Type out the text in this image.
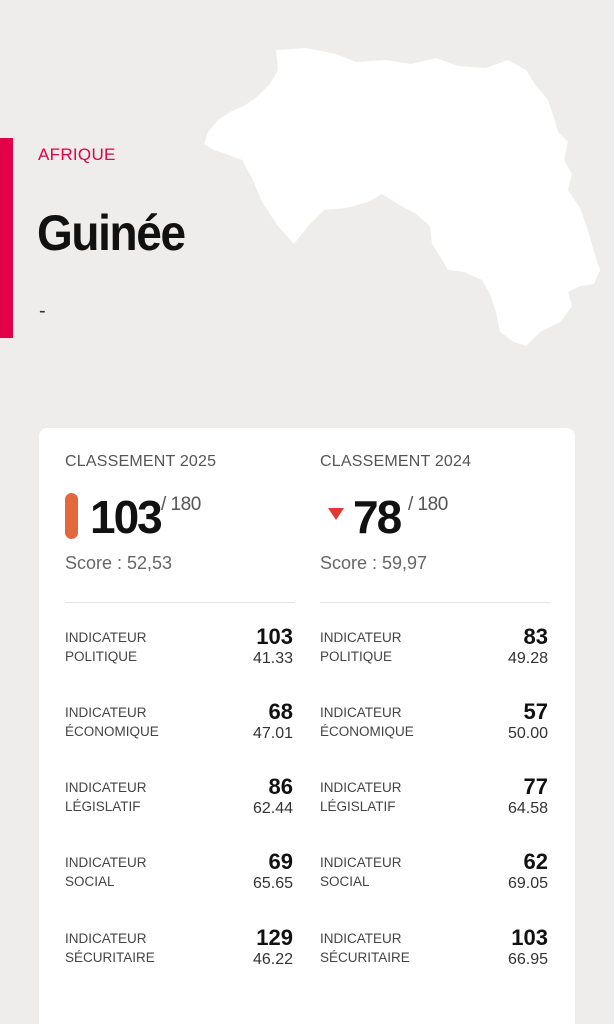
AFRIQUE
Guinée
-
CLASSEMENT 2025
103 / 180
Score : 52,53
INDICATEUR
POLITIQUE
103
41.33
INDICATEUR
ÉCONOMIQUE
68
47.01
INDICATEUR
LÉGISLATIF
86
62.44
INDICATEUR
SOCIAL
69
65.65
INDICATEUR
SÉCURITAIRE
129
46.22
CLASSEMENT 2024
78 / 180
Score : 59,97
INDICATEUR
POLITIQUE
83
49.28
INDICATEUR
ÉCONOMIQUE
57
50.00
INDICATEUR
LÉGISLATIF
77
64.58
INDICATEUR
SOCIAL
62
69.05
INDICATEUR
SÉCURITAIRE
103
66.95
